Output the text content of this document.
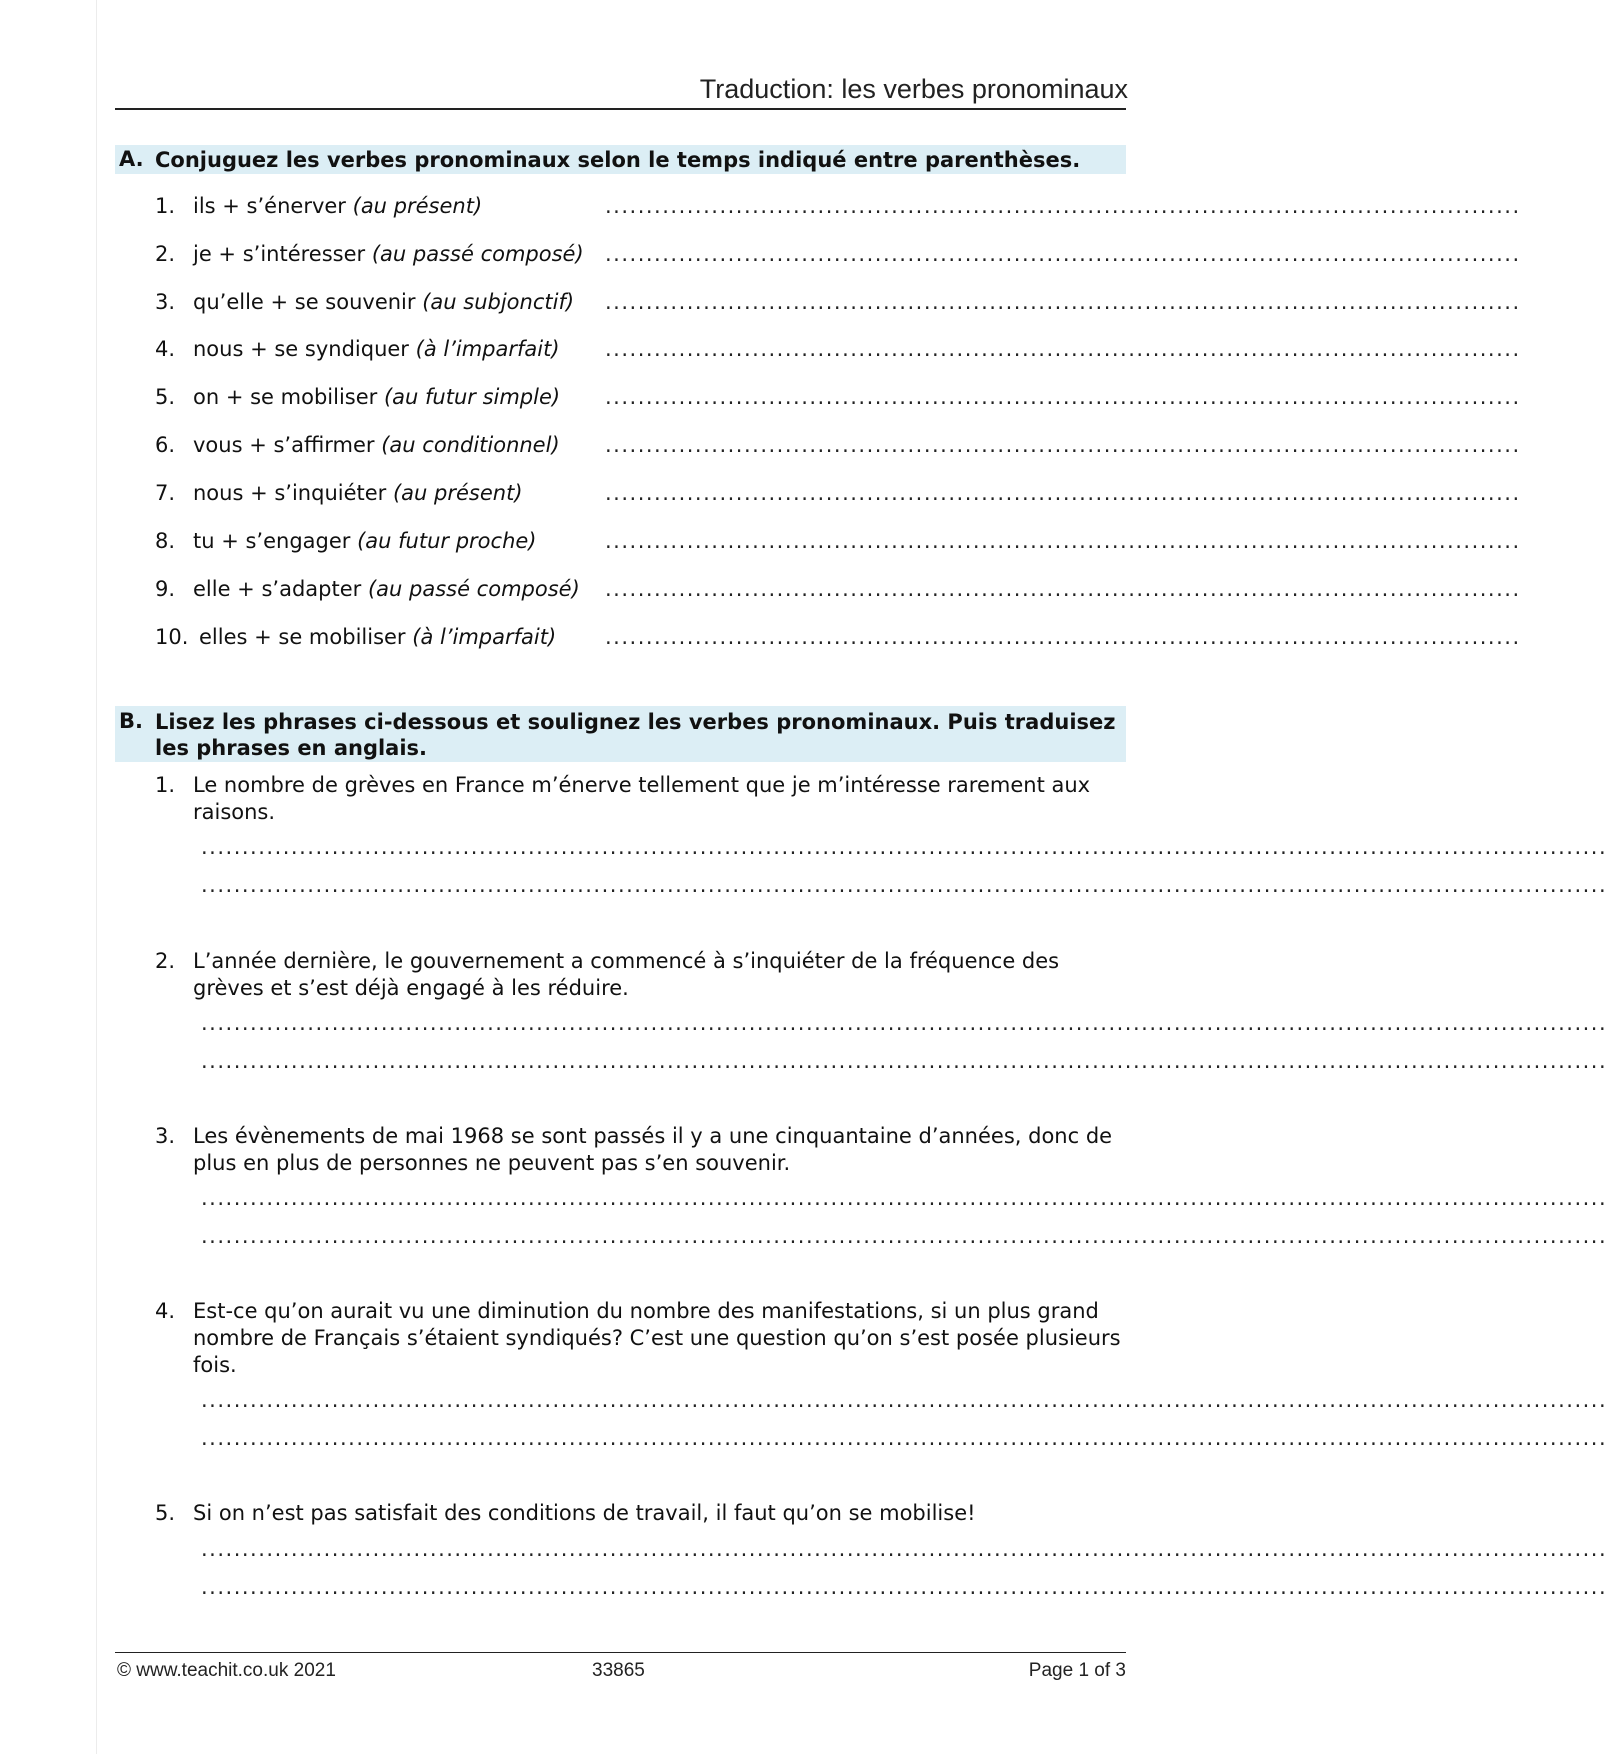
Traduction: les verbes pronominaux
A. Conjuguez les verbes pronominaux selon le temps indiqué entre parenthèses.
1. ils + s’énerver (au présent)	................................................................................................................
2. je + s’intéresser (au passé composé) ................................................................................................................
3. qu’elle + se souvenir (au subjonctif) ................................................................................................................
4. nous + se syndiquer (à l’imparfait) ................................................................................................................
5. on + se mobiliser (au futur simple) ................................................................................................................
6. vous + s’affirmer (au conditionnel) ................................................................................................................
7. nous + s’inquiéter (au présent)	................................................................................................................
8. tu + s’engager (au futur proche)	................................................................................................................
9. elle + s’adapter (au passé composé) ................................................................................................................
10. elles + se mobiliser (à l’imparfait) ................................................................................................................
B. Lisez les phrases ci-dessous et soulignez les verbes pronominaux. Puis traduisez les phrases en anglais.
1. Le nombre de grèves en France m’énerve tellement que je m’intéresse rarement aux raisons.
............................................................................................................................................................................
............................................................................................................................................................................
2. L’année dernière, le gouvernement a commencé à s’inquiéter de la fréquence des grèves et s’est déjà engagé à les réduire.
............................................................................................................................................................................
............................................................................................................................................................................
3. Les évènements de mai 1968 se sont passés il y a une cinquantaine d’années, donc de plus en plus de personnes ne peuvent pas s’en souvenir.
............................................................................................................................................................................
............................................................................................................................................................................
4. Est-ce qu’on aurait vu une diminution du nombre des manifestations, si un plus grand nombre de Français s’étaient syndiqués? C’est une question qu’on s’est posée plusieurs fois.
............................................................................................................................................................................
............................................................................................................................................................................
5. Si on n’est pas satisfait des conditions de travail, il faut qu’on se mobilise!
............................................................................................................................................................................
............................................................................................................................................................................
© www.teachit.co.uk 2021	33865	Page 1 of 3
